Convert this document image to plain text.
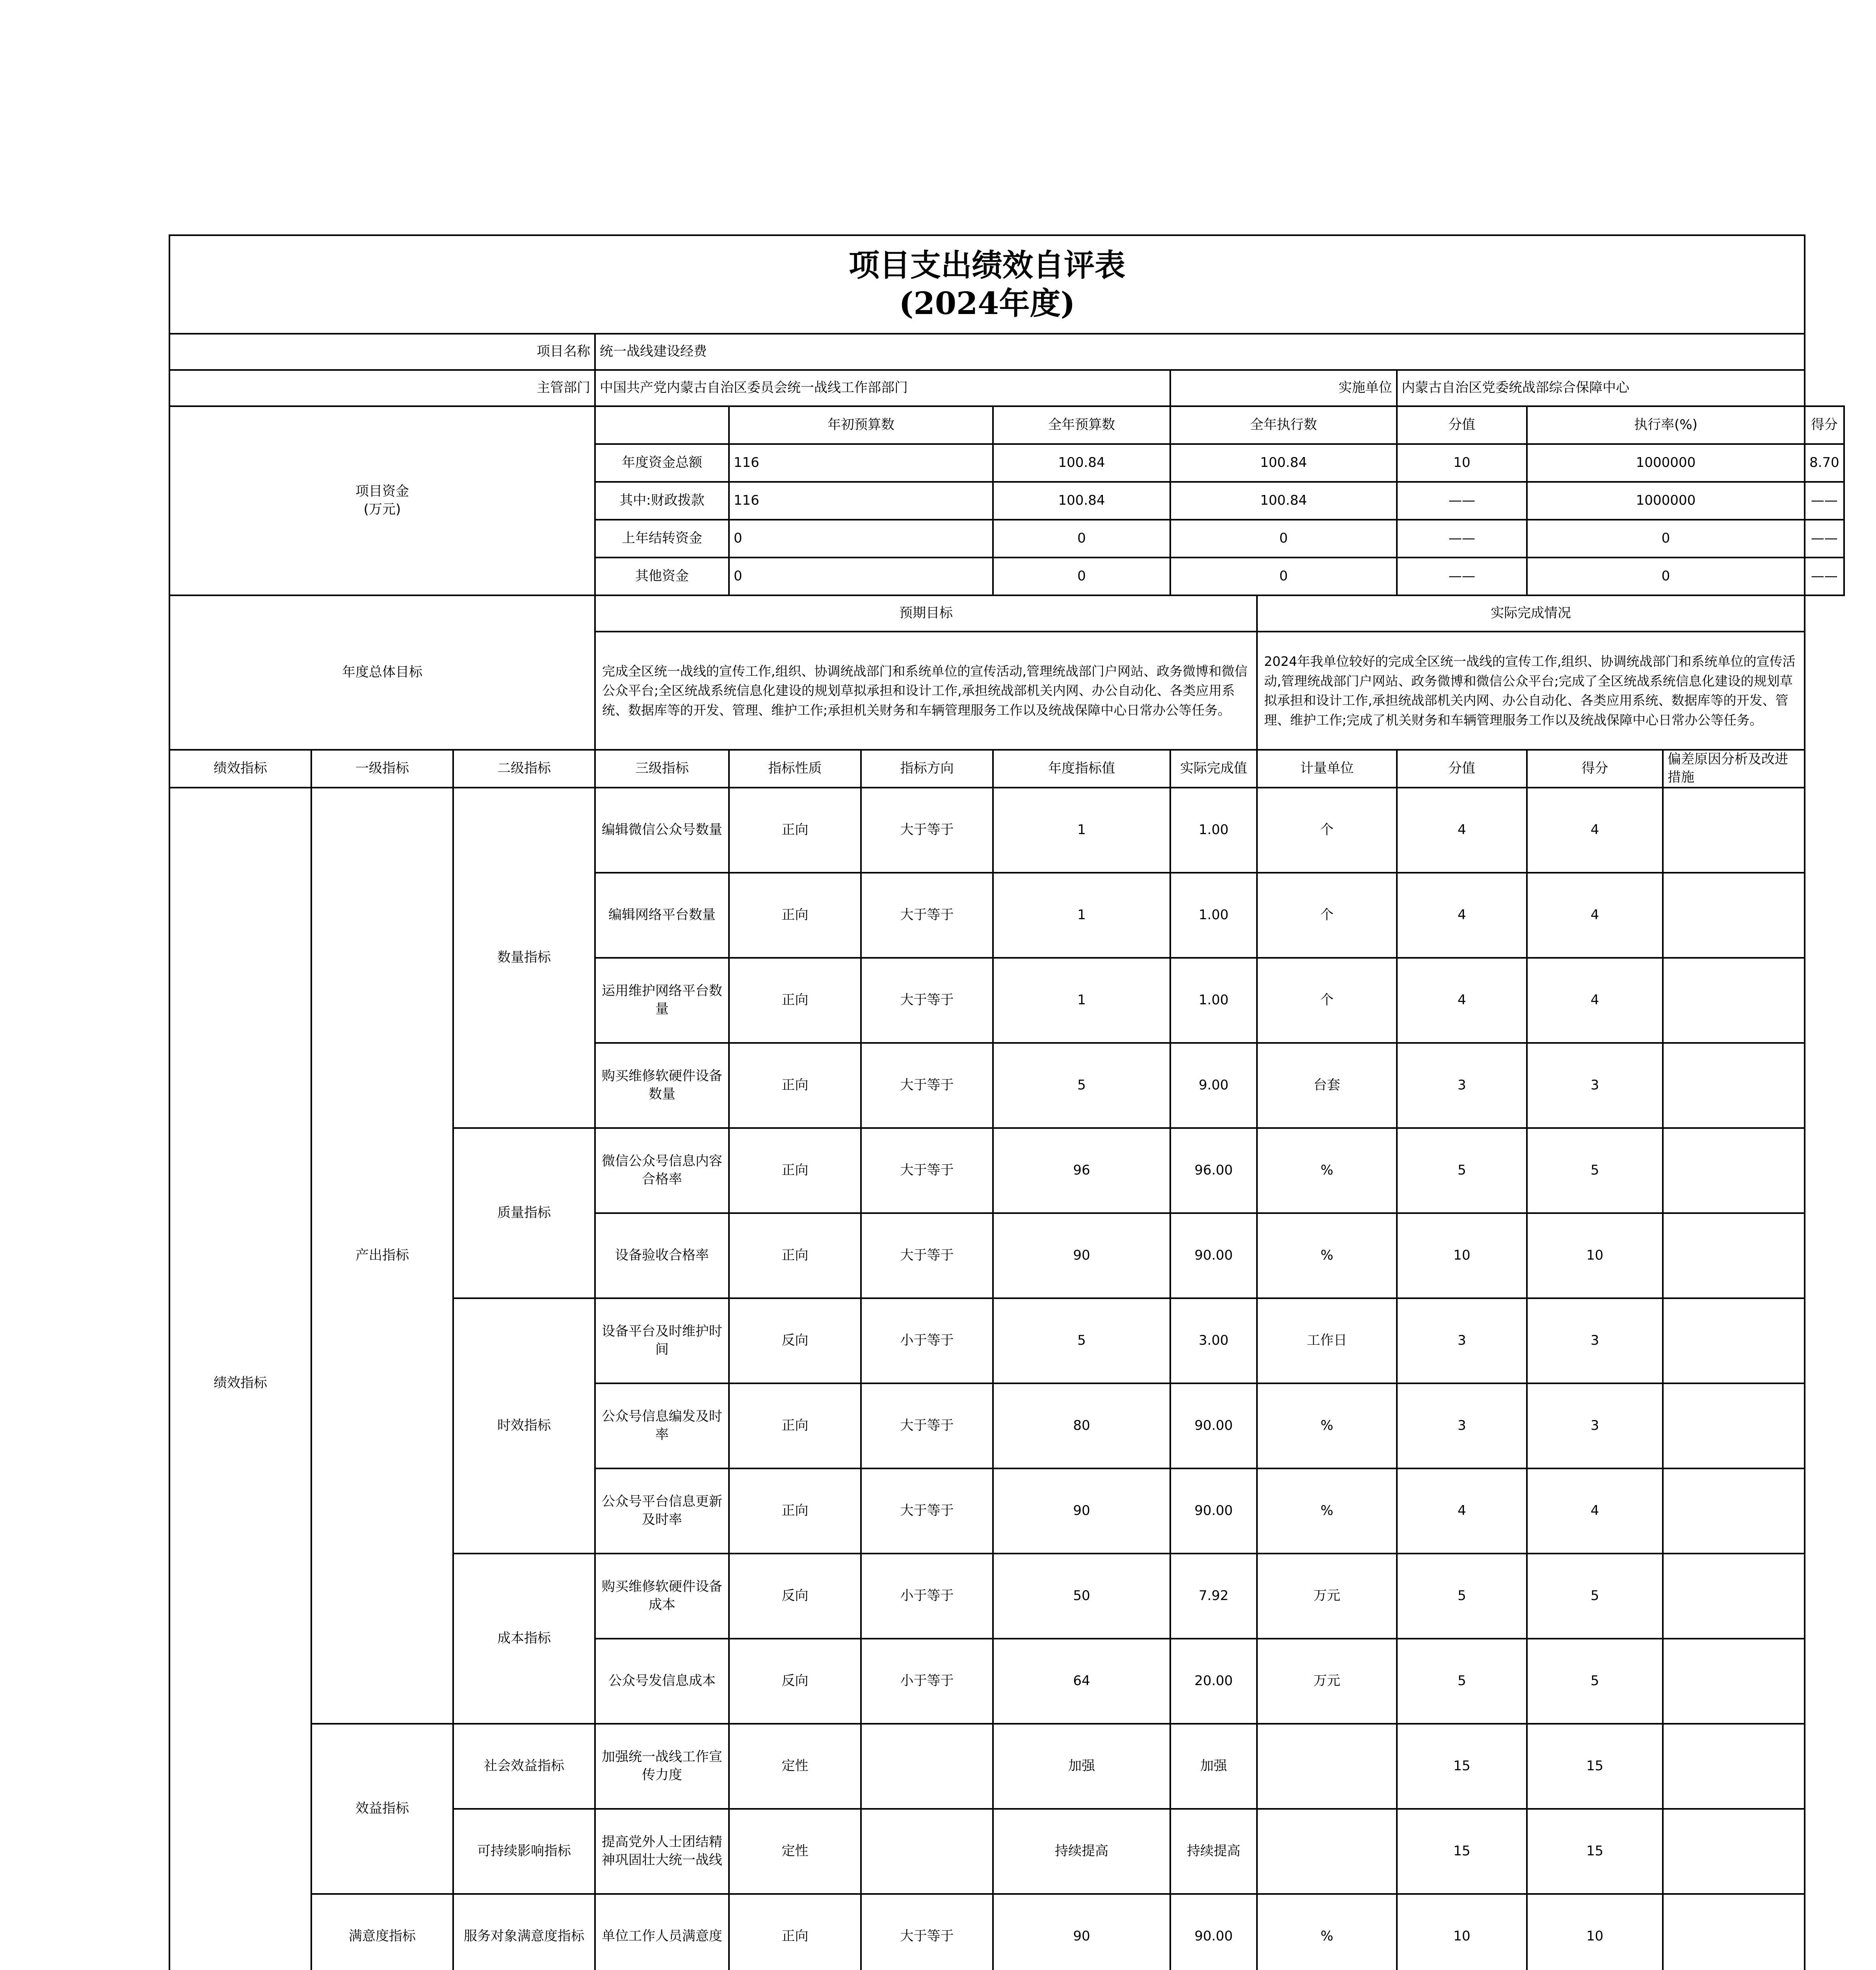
项目支出绩效自评表
(2024年度)												

项目名称			统一战线建设经费									
主管部门			中国共产党内蒙古自治区委员会统一战线工作部部门				实施单位		内蒙古自治区党委统战部综合保障中心			

项目资金
(万元)				年初预算数		全年预算数	全年执行数		分值	执行率(%)		得分
			年度资金总额	116		100.84	100.84		10	1000000		8.70
			其中:财政拨款	116		100.84	100.84		——	1000000		——
			上年结转资金	0		0	0		——	0		——
			其他资金	0		0	0		——	0		——
年度总体目标			预期目标					实际完成情况				
			完成全区统一战线的宣传工作,组织、协调统战部门和系统单位的宣传活动,管理统战部门户网站、政务微博和微信公众平台;全区统战系统信息化建设的规划草拟承担和设计工作,承担统战部机关内网、办公自动化、各类应用系统、数据库等的开发、管理、维护工作;承担机关财务和车辆管理服务工作以及统战保障中心日常办公等任务。					2024年我单位较好的完成全区统一战线的宣传工作,组织、协调统战部门和系统单位的宣传活动,管理统战部门户网站、政务微博和微信公众平台;完成了全区统战系统信息化建设的规划草拟承担和设计工作,承担统战部机关内网、办公自动化、各类应用系统、数据库等的开发、管理、维护工作;完成了机关财务和车辆管理服务工作以及统战保障中心日常办公等任务。				
绩效指标	一级指标	二级指标	三级指标	指标性质	指标方向	年度指标值	实际完成值	计量单位	分值	得分	偏差原因分析及改进措施	
绩效指标	产出指标	数量指标	编辑微信公众号数量	正向	大于等于	1	1.00	个	4	4		
			编辑网络平台数量	正向	大于等于	1	1.00	个	4	4		
			运用维护网络平台数量	正向	大于等于	1	1.00	个	4	4		
			购买维修软硬件设备数量	正向	大于等于	5	9.00	台套	3	3		
		质量指标	微信公众号信息内容合格率	正向	大于等于	96	96.00	%	5	5		
			设备验收合格率	正向	大于等于	90	90.00	%	10	10		
		时效指标	设备平台及时维护时间	反向	小于等于	5	3.00	工作日	3	3		
			公众号信息编发及时率	正向	大于等于	80	90.00	%	3	3		
			公众号平台信息更新及时率	正向	大于等于	90	90.00	%	4	4		
		成本指标	购买维修软硬件设备成本	反向	小于等于	50	7.92	万元	5	5		
			公众号发信息成本	反向	小于等于	64	20.00	万元	5	5		
	效益指标	社会效益指标	加强统一战线工作宣传力度	定性		加强	加强		15	15		
		可持续影响指标	提高党外人士团结精神巩固壮大统一战线	定性		持续提高	持续提高		15	15		
	满意度指标	服务对象满意度指标	单位工作人员满意度	正向	大于等于	90	90.00	%	10	10		
